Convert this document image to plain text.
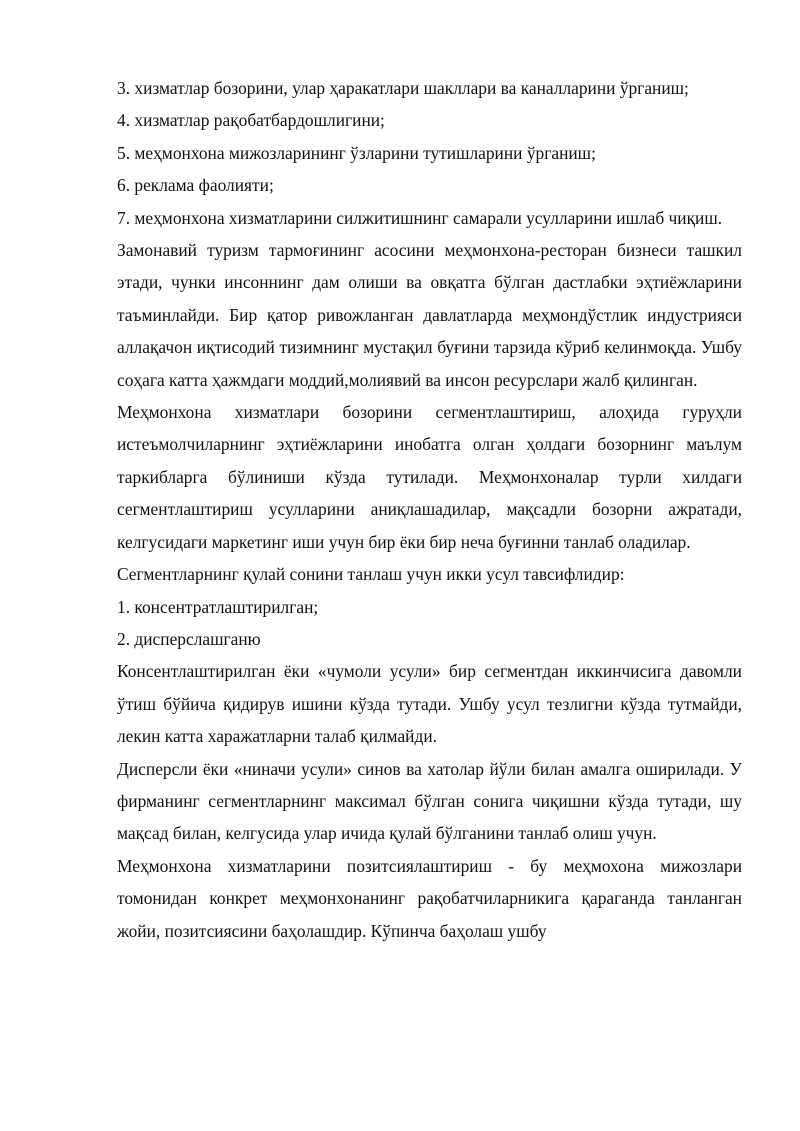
3. хизматлар бозорини, улар ҳаракатлари шакллари ва каналларини ўрганиш;

4. хизматлар рақобатбардошлигини;

5. меҳмонхона мижозларининг ўзларини тутишларини ўрганиш;

6. реклама фаолияти;

7. меҳмонхона хизматларини силжитишнинг самарали усулларини ишлаб чиқиш.

Замонавий туризм тармоғининг асосини меҳмонхона-ресторан бизнеси ташкил этади, чунки инсоннинг дам олиши ва овқатга бўлган дастлабки эҳтиёжларини таъминлайди. Бир қатор ривожланган давлатларда меҳмондўстлик индустрияси аллақачон иқтисодий тизимнинг мустақил буғини тарзида кўриб келинмоқда. Ушбу соҳага катта ҳажмдаги моддий,молиявий ва инсон ресурслари жалб қилинган.

Меҳмонхона хизматлари бозорини сегментлаштириш, алоҳида гуруҳли истеъмолчиларнинг эҳтиёжларини инобатга олган ҳолдаги бозорнинг маълум таркибларга бўлиниши кўзда тутилади. Меҳмонхоналар турли хилдаги сегментлаштириш усулларини аниқлашадилар, мақсадли бозорни ажратади, келгусидаги маркетинг иши учун бир ёки бир неча буғинни танлаб оладилар.

Сегментларнинг қулай сонини танлаш учун икки усул тавсифлидир:

1. консентратлаштирилган;

2. дисперслашганю

Консентлаштирилган ёки «чумоли усули» бир сегментдан иккинчисига давомли ўтиш бўйича қидирув ишини кўзда тутади. Ушбу усул тезлигни кўзда тутмайди, лекин катта харажатларни талаб қилмайди.

Дисперсли ёки «ниначи усули» синов ва хатолар йўли билан амалга оширилади. У фирманинг сегментларнинг максимал бўлган сонига чиқишни кўзда тутади, шу мақсад билан, келгусида улар ичида қулай бўлганини танлаб олиш учун.

Меҳмонхона хизматларини позитсиялаштириш - бу меҳмохона мижозлари томонидан конкрет меҳмонхонанинг рақобатчиларникига қараганда танланган жойи, позитсиясини баҳолашдир. Кўпинча баҳолаш ушбу
